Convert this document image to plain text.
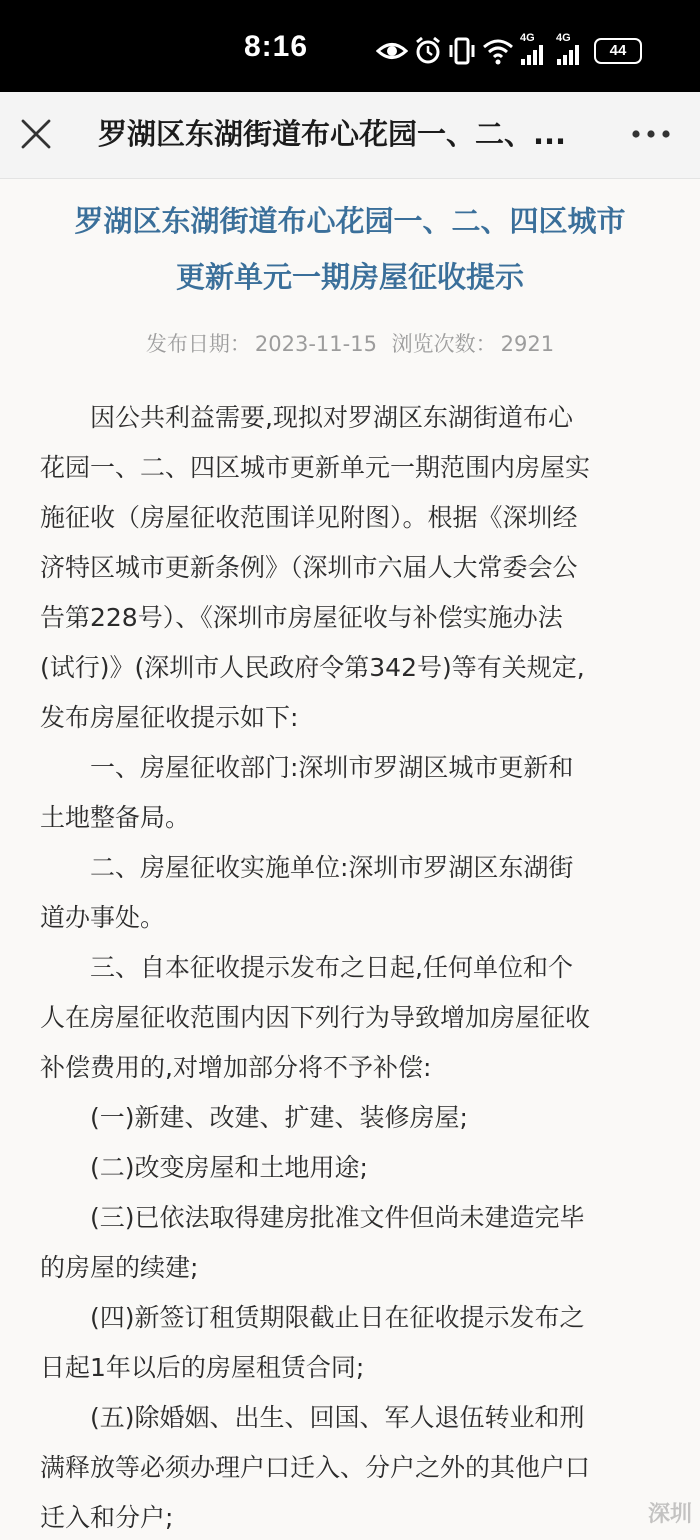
8:16	4G 4G
44
罗湖区东湖街道布心花园一、二、...
罗湖区东湖街道布心花园一、二、四区城市
更新单元一期房屋征收提示
发布日期： 2023-11-15 浏览次数： 2921

因公共利益需要,现拟对罗湖区东湖街道布心
花园一、二、四区城市更新单元一期范围内房屋实
施征收（房屋征收范围详见附图）。根据《深圳经
济特区城市更新条例》（深圳市六届人大常委会公
告第228号）、《深圳市房屋征收与补偿实施办法
(试行)》(深圳市人民政府令第342号)等有关规定,
发布房屋征收提示如下:

一、房屋征收部门:深圳市罗湖区城市更新和
土地整备局。

二、房屋征收实施单位:深圳市罗湖区东湖街
道办事处。

三、自本征收提示发布之日起,任何单位和个
人在房屋征收范围内因下列行为导致增加房屋征收
补偿费用的,对增加部分将不予补偿:

(一)新建、改建、扩建、装修房屋;

(二)改变房屋和土地用途;

(三)已依法取得建房批准文件但尚未建造完毕
的房屋的续建;

(四)新签订租赁期限截止日在征收提示发布之
日起1年以后的房屋租赁合同;

(五)除婚姻、出生、回国、军人退伍转业和刑
满释放等必须办理户口迁入、分户之外的其他户口
迁入和分户;	深圳
